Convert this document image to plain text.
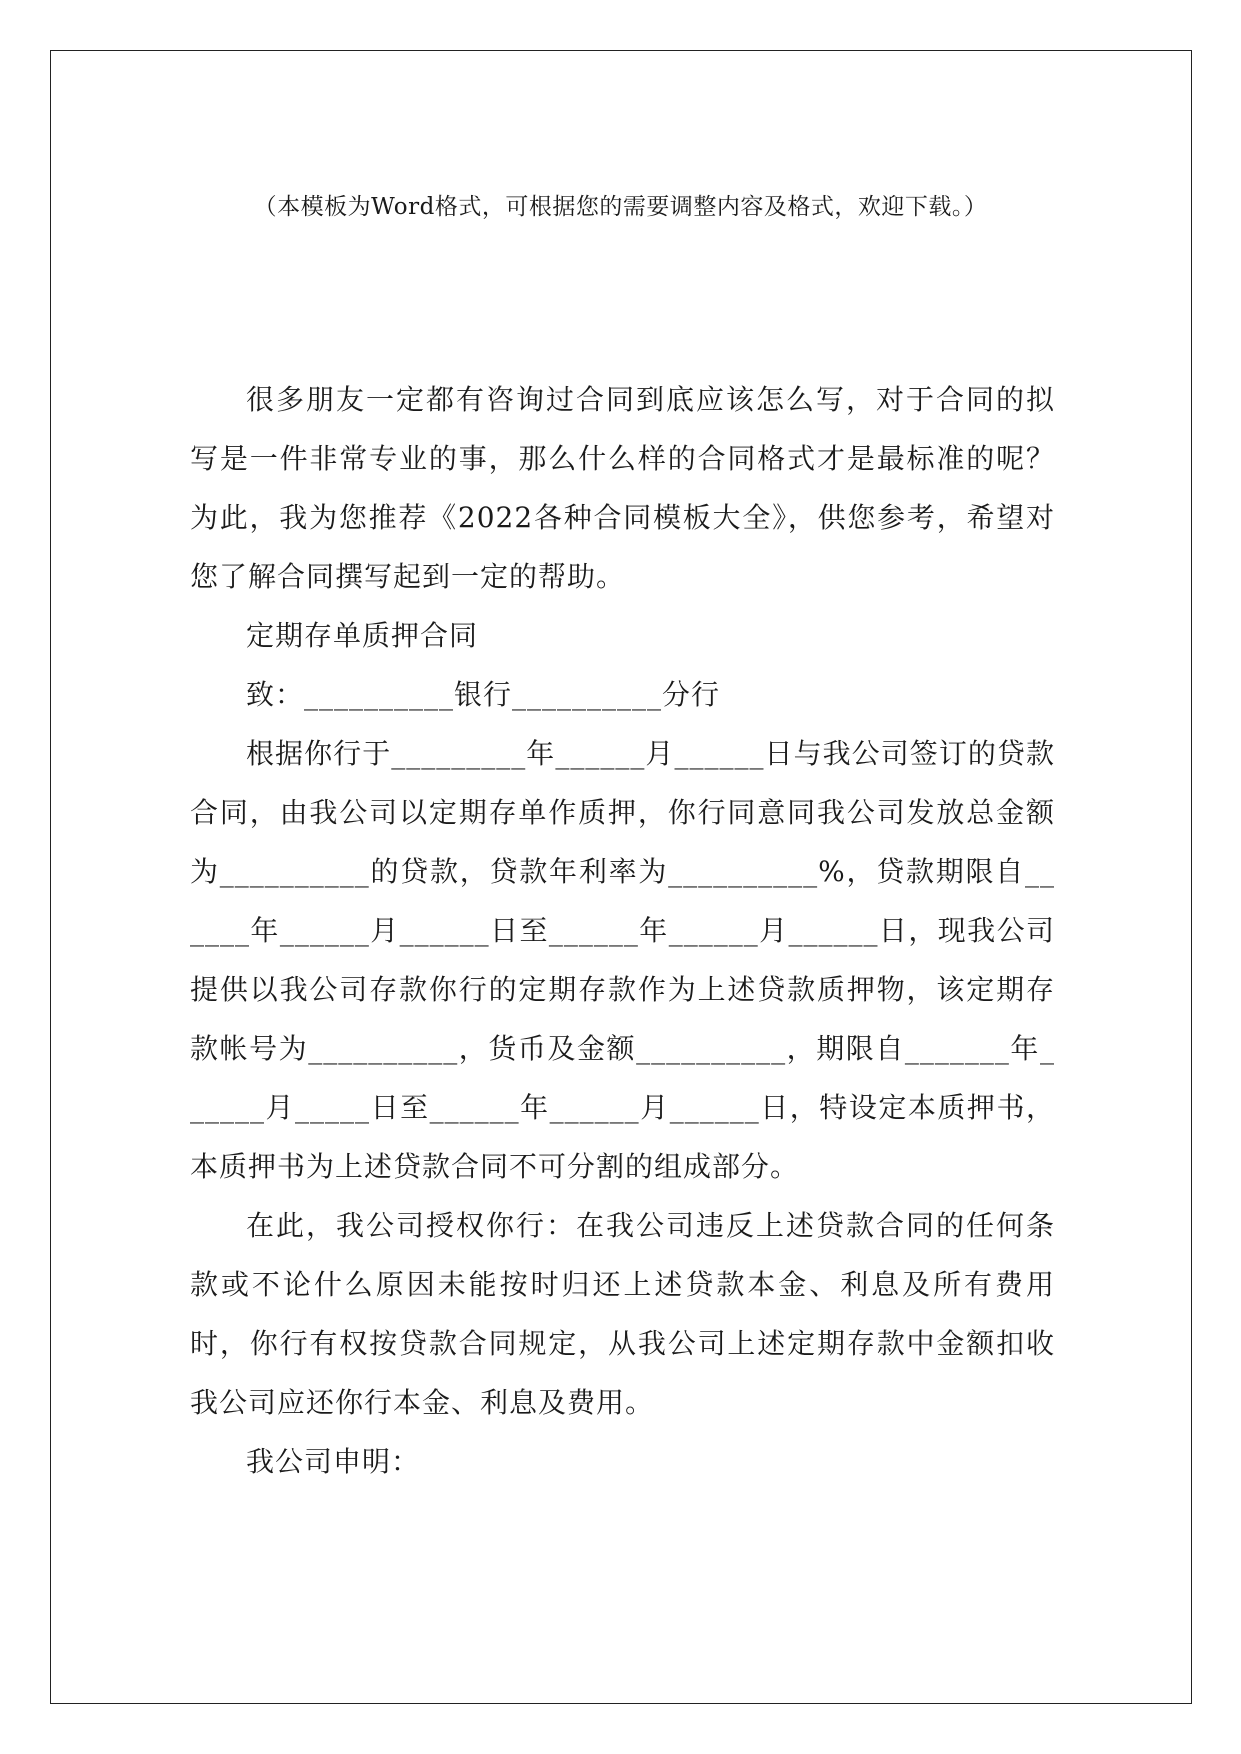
（本模板为Word格式，可根据您的需要调整内容及格式，欢迎下载。）

很多朋友一定都有咨询过合同到底应该怎么写，对于合同的拟写是一件非常专业的事，那么什么样的合同格式才是最标准的呢？为此，我为您推荐《2022各种合同模板大全》，供您参考，希望对您了解合同撰写起到一定的帮助。

定期存单质押合同

致：__________银行__________分行

根据你行于_________年______月______日与我公司签订的贷款合同，由我公司以定期存单作质押，你行同意同我公司发放总金额为__________的贷款，贷款年利率为__________%，贷款期限自______年______月______日至______年______月______日，现我公司提供以我公司存款你行的定期存款作为上述贷款质押物，该定期存款帐号为__________，货币及金额__________，期限自_______年______月_____日至______年______月______日，特设定本质押书，本质押书为上述贷款合同不可分割的组成部分。

在此，我公司授权你行：在我公司违反上述贷款合同的任何条款或不论什么原因未能按时归还上述贷款本金、利息及所有费用时，你行有权按贷款合同规定，从我公司上述定期存款中金额扣收我公司应还你行本金、利息及费用。

我公司申明：
